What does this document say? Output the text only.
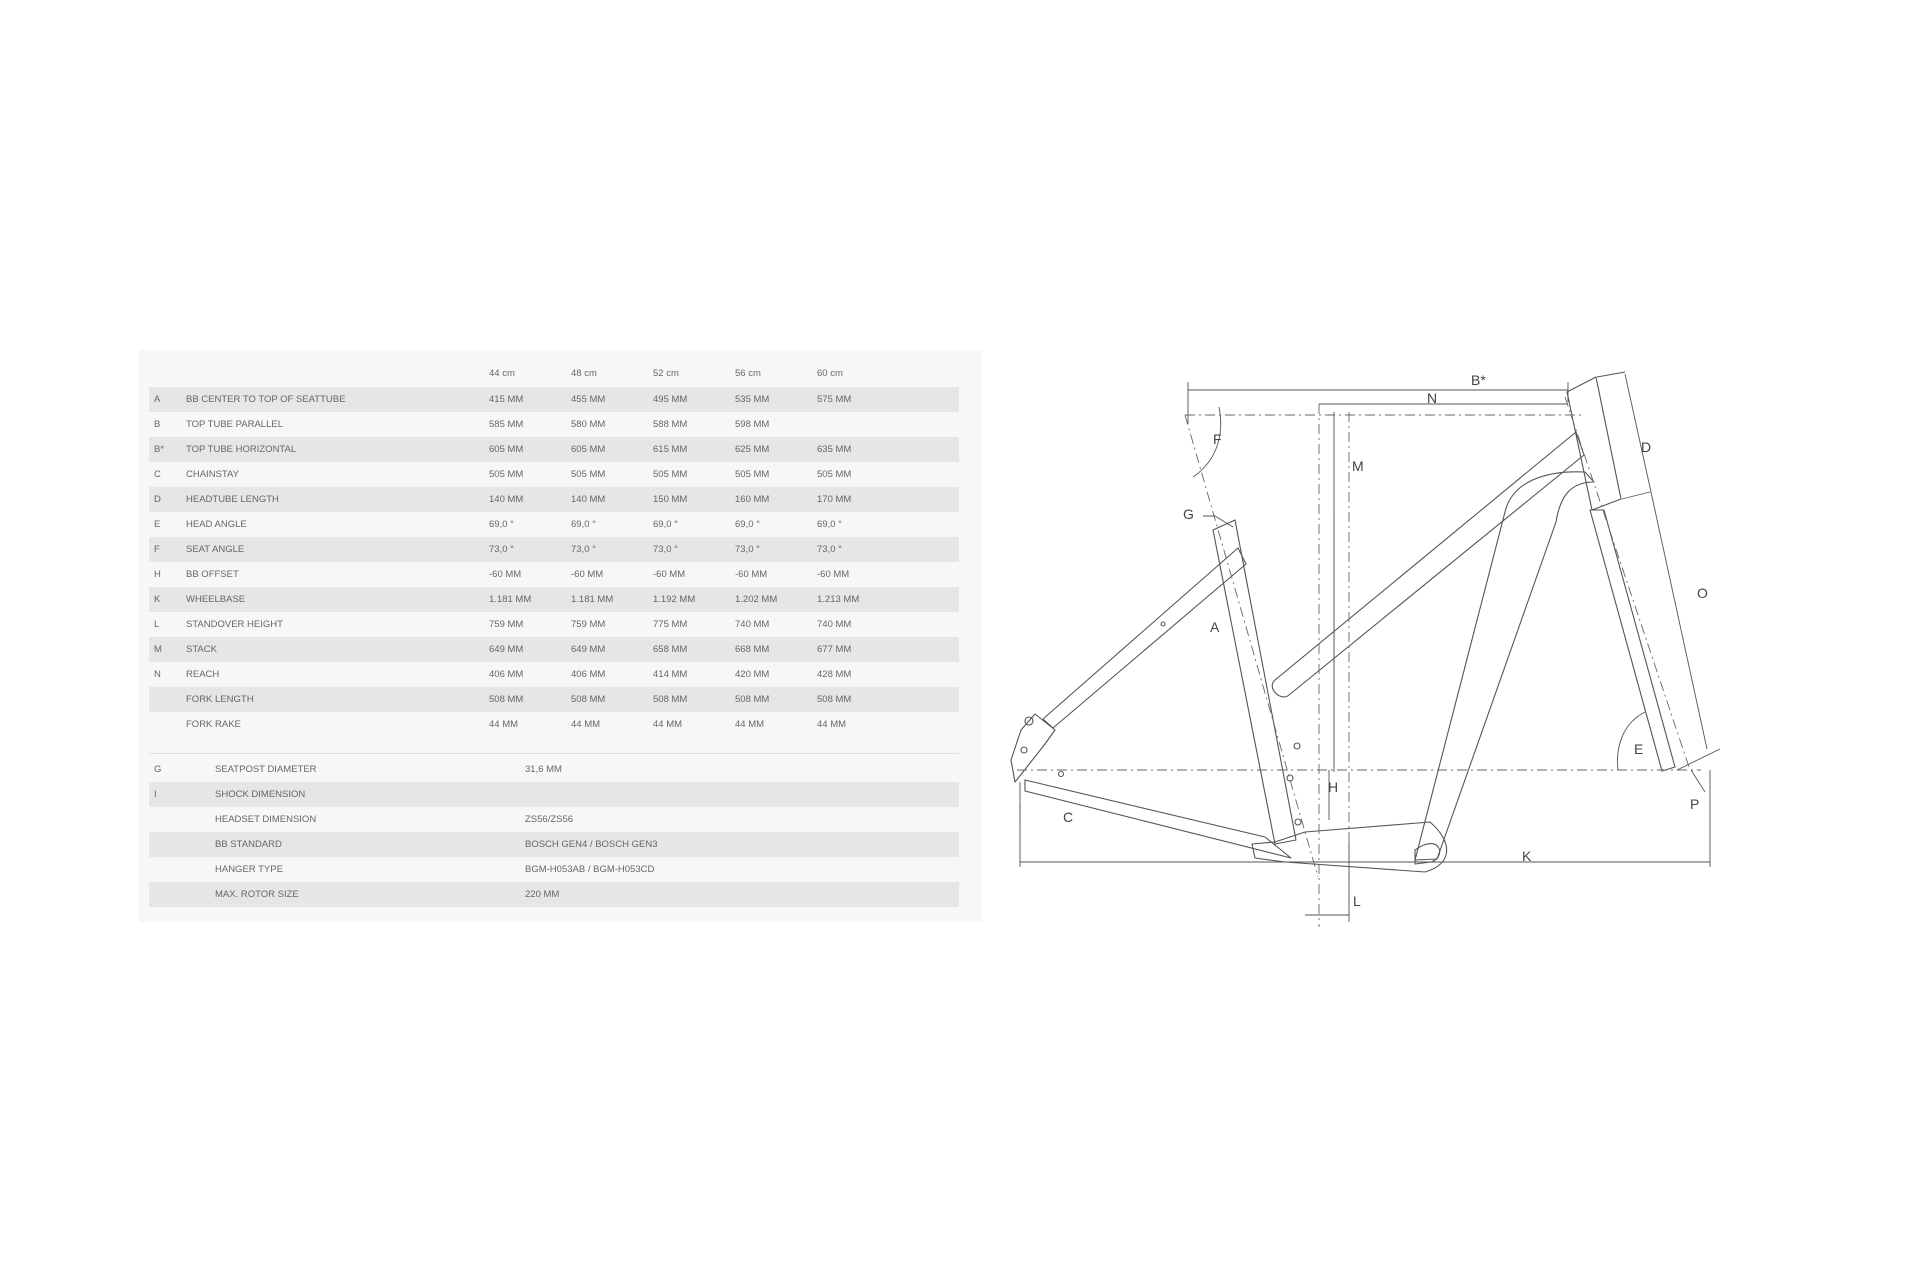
44 cm	48 cm	52 cm	56 cm	60 cm
A	BB CENTER TO TOP OF SEATTUBE	415 MM	455 MM	495 MM	535 MM	575 MM
B	TOP TUBE PARALLEL	585 MM	580 MM	588 MM	598 MM
B* TOP TUBE HORIZONTAL	605 MM	605 MM	615 MM	625 MM	635 MM
C	CHAINSTAY	505 MM	505 MM	505 MM	505 MM	505 MM
D	HEADTUBE LENGTH	140 MM	140 MM	150 MM	160 MM	170 MM
E	HEAD ANGLE	69,0 °	69,0 °	69,0 °	69,0 °	69,0 °
F	SEAT ANGLE	73,0 °	73,0 °	73,0 °	73,0 °	73,0 °
H	BB OFFSET	-60 MM	-60 MM	-60 MM	-60 MM	-60 MM
K	WHEELBASE	1.181 MM	1.181 MM	1.192 MM	1.202 MM	1.213 MM
L	STANDOVER HEIGHT	759 MM	759 MM	775 MM	740 MM	740 MM
M	STACK	649 MM	649 MM	658 MM	668 MM	677 MM
N	REACH	406 MM	406 MM	414 MM	420 MM	428 MM
FORK LENGTH	508 MM	508 MM	508 MM	508 MM	508 MM
FORK RAKE	44 MM	44 MM	44 MM	44 MM	44 MM
G	SEATPOST DIAMETER	31,6 MM
I	SHOCK DIMENSION
HEADSET DIMENSION	ZS56/ZS56
BB STANDARD	BOSCH GEN4 / BOSCH GEN3
HANGER TYPE	BGM-H053AB / BGM-H053CD
MAX. ROTOR SIZE	220 MM
B*
N
F	D
M
G
O
A
E
H
C
P
K
L
